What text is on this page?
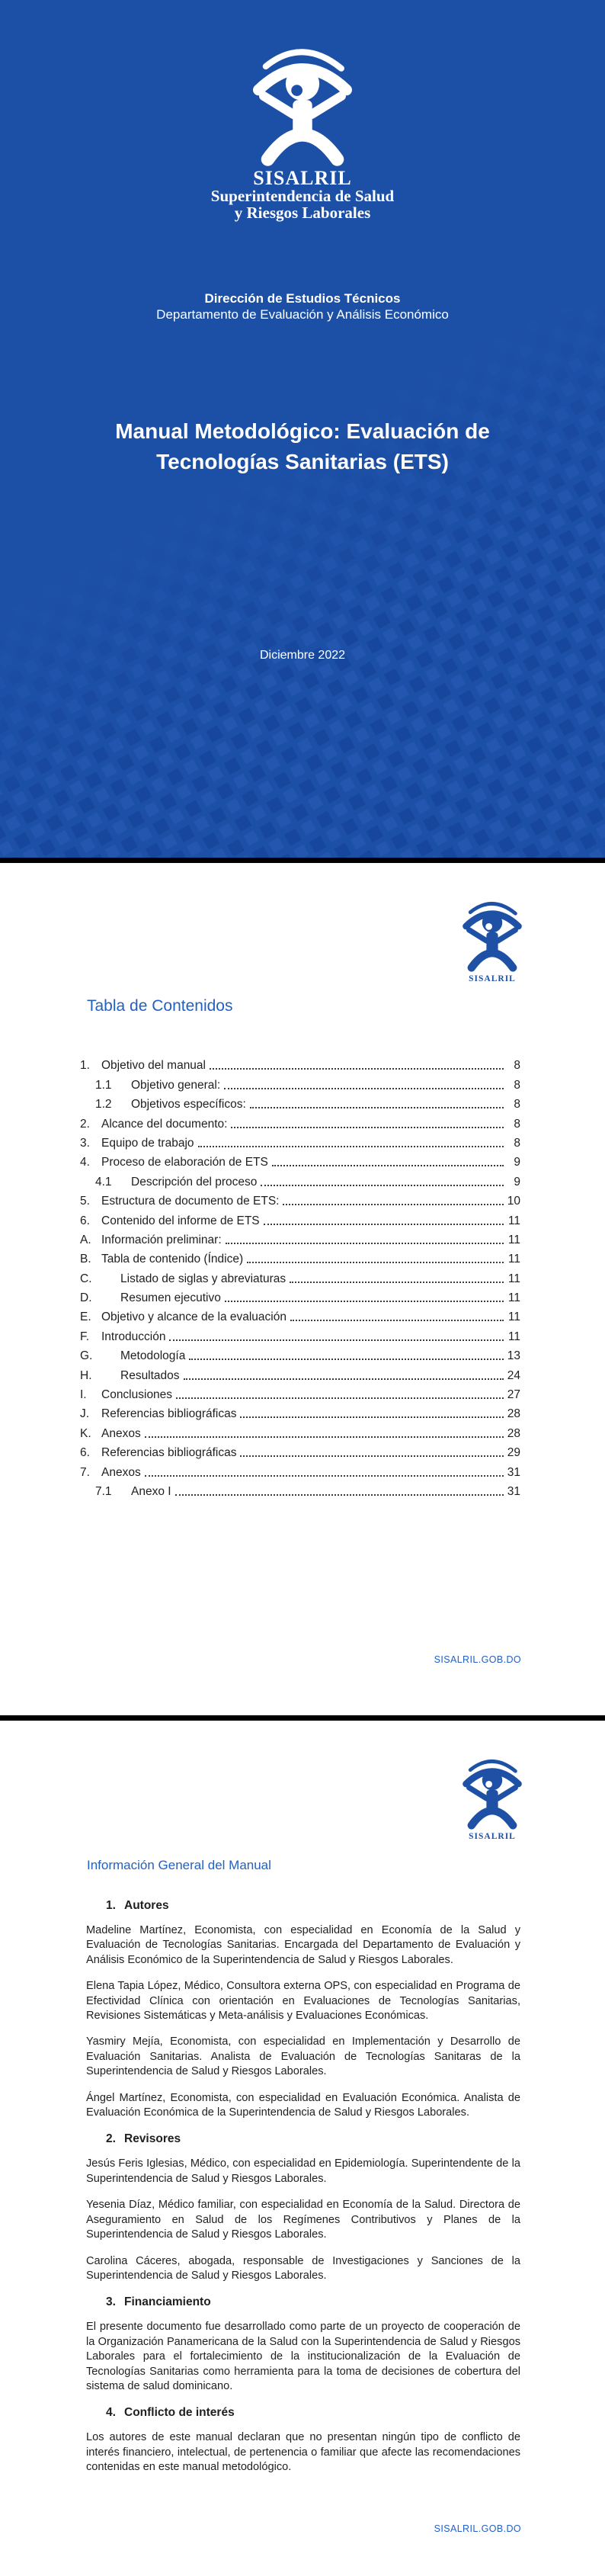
SISALRIL
Superintendencia de Salud
y Riesgos Laborales
Dirección de Estudios Técnicos
Departamento de Evaluación y Análisis Económico
Manual Metodológico: Evaluación de
Tecnologías Sanitarias (ETS)
Diciembre 2022
SISALRIL
Tabla de Contenidos
1. Objetivo del manual	8
1.1	Objetivo general:	8
1.2	Objetivos específicos:	8
2. Alcance del documento:	8
3. Equipo de trabajo	8
4. Proceso de elaboración de ETS	9
4.1	Descripción del proceso	9
5. Estructura de documento de ETS:	10
6. Contenido del informe de ETS	11
A. Información preliminar:	11
B. Tabla de contenido (Índice)	11
C.	Listado de siglas y abreviaturas	11
D.	Resumen ejecutivo	11
E. Objetivo y alcance de la evaluación	11
F.	Introducción	11
G.	Metodología	13
H.	Resultados	24
I.	Conclusiones	27
J.	Referencias bibliográficas	28
K. Anexos	28
6. Referencias bibliográficas	29
7. Anexos	31
7.1	Anexo I	31
SISALRIL.GOB.DO
SISALRIL
Información General del Manual
1. Autores

Madeline Martínez, Economista, con especialidad en Economía de la Salud y Evaluación de Tecnologías Sanitarias. Encargada del Departamento de Evaluación y Análisis Económico de la Superintendencia de Salud y Riesgos Laborales.

Elena Tapia López, Médico, Consultora externa OPS, con especialidad en Programa de Efectividad Clínica con orientación en Evaluaciones de Tecnologías Sanitarias, Revisiones Sistemáticas y Meta-análisis y Evaluaciones Económicas.

Yasmiry Mejía, Economista, con especialidad en Implementación y Desarrollo de Evaluación Sanitarias. Analista de Evaluación de Tecnologías Sanitaras de la Superintendencia de Salud y Riesgos Laborales.

Ángel Martínez, Economista, con especialidad en Evaluación Económica. Analista de Evaluación Económica de la Superintendencia de Salud y Riesgos Laborales.

2. Revisores

Jesús Feris Iglesias, Médico, con especialidad en Epidemiología. Superintendente de la Superintendencia de Salud y Riesgos Laborales.

Yesenia Díaz, Médico familiar, con especialidad en Economía de la Salud. Directora de Aseguramiento en Salud de los Regímenes Contributivos y Planes de la Superintendencia de Salud y Riesgos Laborales.

Carolina Cáceres, abogada, responsable de Investigaciones y Sanciones de la Superintendencia de Salud y Riesgos Laborales.

3. Financiamiento

El presente documento fue desarrollado como parte de un proyecto de cooperación de la Organización Panamericana de la Salud con la Superintendencia de Salud y Riesgos Laborales para el fortalecimiento de la institucionalización de la Evaluación de Tecnologías Sanitarias como herramienta para la toma de decisiones de cobertura del sistema de salud dominicano.

4. Conflicto de interés

Los autores de este manual declaran que no presentan ningún tipo de conflicto de interés financiero, intelectual, de pertenencia o familiar que afecte las recomendaciones contenidas en este manual metodológico.

SISALRIL.GOB.DO
